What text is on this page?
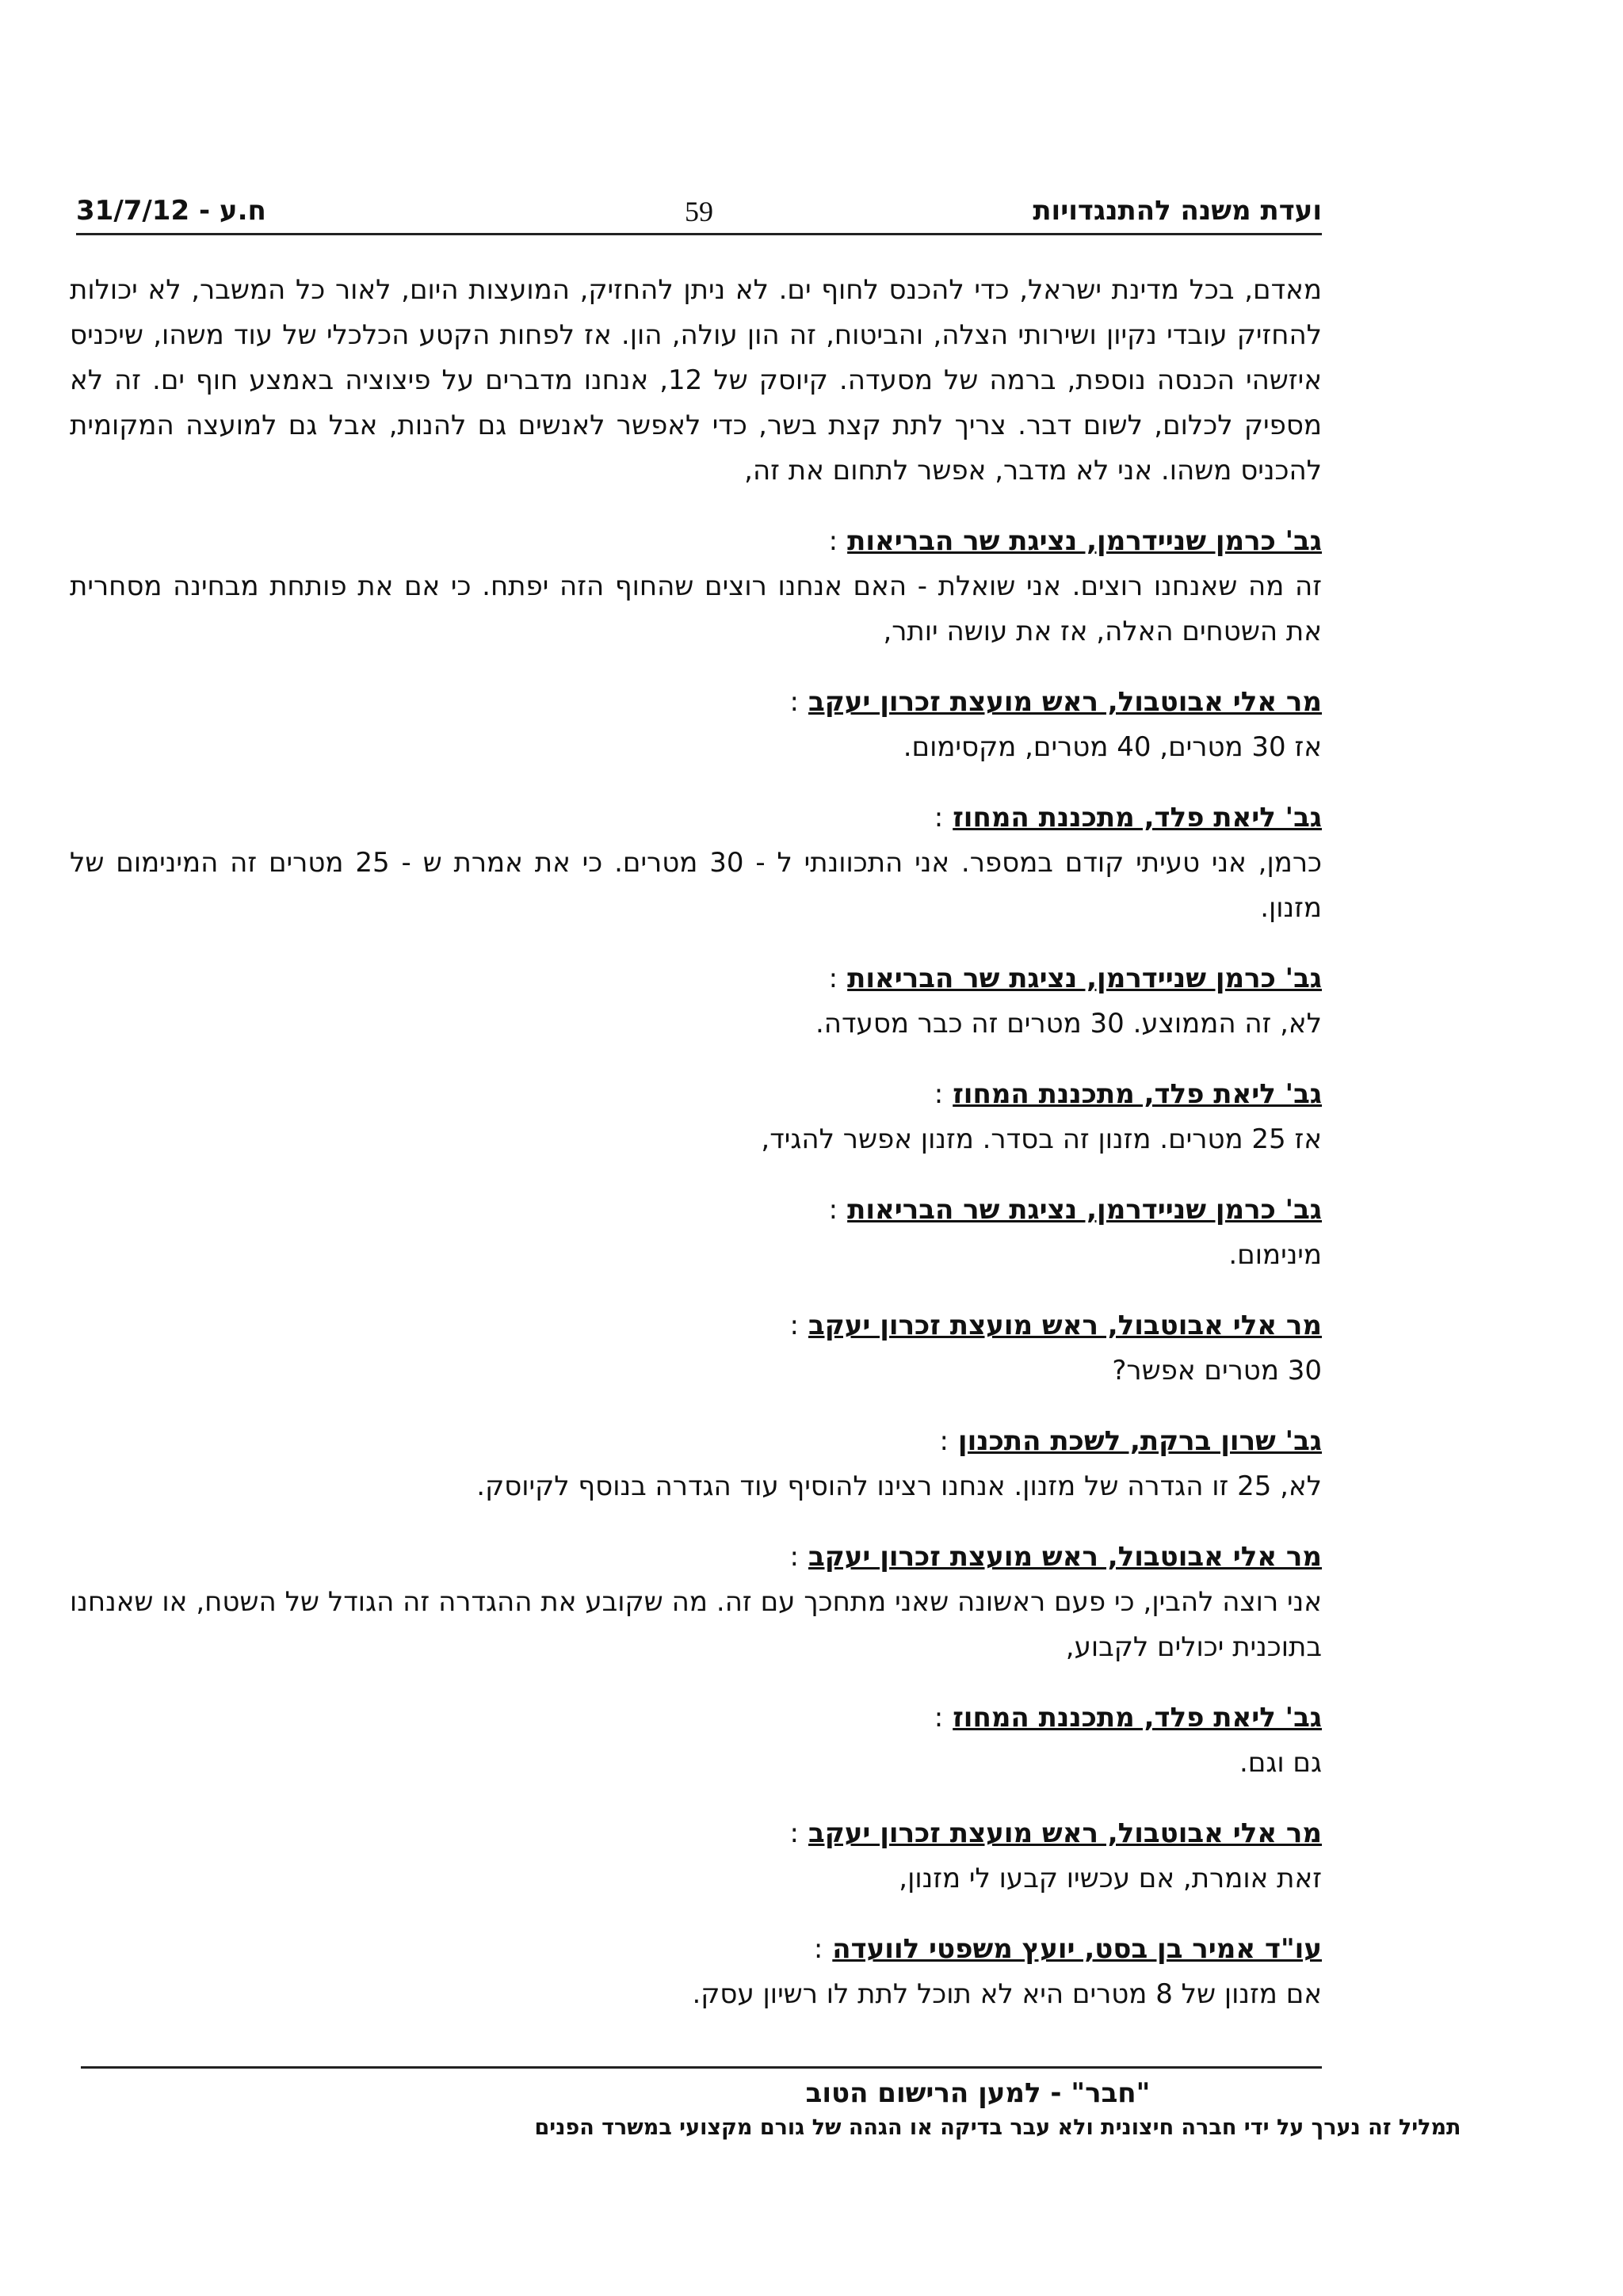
ועדת משנה להתנגדויות
59
31/7/12 - ח.ע

מאדם, בכל מדינת ישראל, כדי להכנס לחוף ים. לא ניתן להחזיק, המועצות היום, לאור כל המשבר, לא יכולות להחזיק עובדי נקיון ושירותי הצלה, והביטוח, זה הון עולה, הון. אז לפחות הקטע הכלכלי של עוד משהו, שיכניס איזשהי הכנסה נוספת, ברמה של מסעדה. קיוסק של 12, אנחנו מדברים על פיצוציה באמצע חוף ים. זה לא מספיק לכלום, לשום דבר. צריך לתת קצת בשר, כדי לאפשר לאנשים גם להנות, אבל גם למועצה המקומית להכניס משהו. אני לא מדבר, אפשר לתחום את זה,

גב' כרמן שניידרמן, נציגת שר הבריאות:

זה מה שאנחנו רוצים. אני שואלת - האם אנחנו רוצים שהחוף הזה יפתח. כי אם את פותחת מבחינה מסחרית את השטחים האלה, אז את עושה יותר,

מר אלי אבוטבול, ראש מועצת זכרון יעקב:

אז 30 מטרים, 40 מטרים, מקסימום.

גב' ליאת פלד, מתכננת המחוז:

כרמן, אני טעיתי קודם במספר. אני התכוונתי ל - 30 מטרים. כי את אמרת ש - 25 מטרים זה המינימום של מזנון.

גב' כרמן שניידרמן, נציגת שר הבריאות:

לא, זה הממוצע. 30 מטרים זה כבר מסעדה.

גב' ליאת פלד, מתכננת המחוז:

אז 25 מטרים. מזנון זה בסדר. מזנון אפשר להגיד,

גב' כרמן שניידרמן, נציגת שר הבריאות:

מינימום.

מר אלי אבוטבול, ראש מועצת זכרון יעקב:

30 מטרים אפשר?

גב' שרון ברקת, לשכת התכנון:

לא, 25 זו הגדרה של מזנון. אנחנו רצינו להוסיף עוד הגדרה בנוסף לקיוסק.

מר אלי אבוטבול, ראש מועצת זכרון יעקב:

אני רוצה להבין, כי פעם ראשונה שאני מתחכך עם זה. מה שקובע את ההגדרה זה הגודל של השטח, או שאנחנו בתוכנית יכולים לקבוע,

גב' ליאת פלד, מתכננת המחוז:

גם וגם.

מר אלי אבוטבול, ראש מועצת זכרון יעקב:

זאת אומרת, אם עכשיו קבעו לי מזנון,

עו"ד אמיר בן בסט, יועץ משפטי לוועדה:

אם מזנון של 8 מטרים היא לא תוכל לתת לו רשיון עסק.

"חבר" - למען הרישום הטוב
תמליל זה נערך על ידי חברה חיצונית ולא עבר בדיקה או הגהה של גורם מקצועי במשרד הפנים
